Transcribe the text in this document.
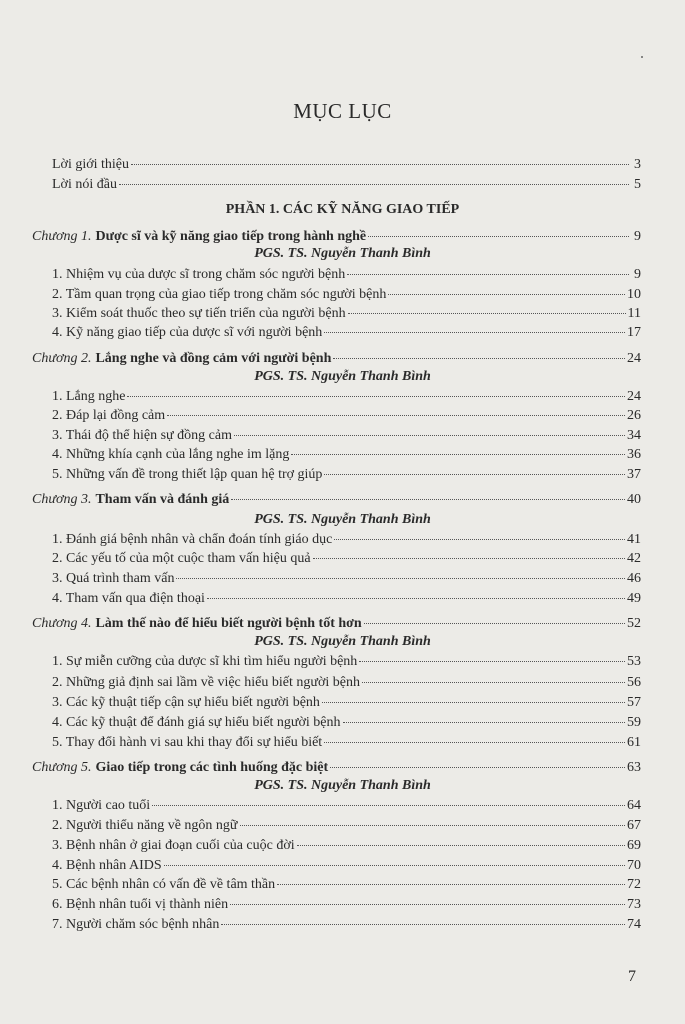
MỤC LỤC
Lời giới thiệu	3
Lời nói đầu	5
PHẦN 1. CÁC KỸ NĂNG GIAO TIẾP
Chương 1. Dược sĩ và kỹ năng giao tiếp trong hành nghề	9
PGS. TS. Nguyễn Thanh Bình
1. Nhiệm vụ của dược sĩ trong chăm sóc người bệnh	9
2. Tầm quan trọng của giao tiếp trong chăm sóc người bệnh	10
3. Kiểm soát thuốc theo sự tiến triển của người bệnh	11
4. Kỹ năng giao tiếp của dược sĩ với người bệnh	17
Chương 2. Lắng nghe và đồng cảm với người bệnh	24
PGS. TS. Nguyễn Thanh Bình
1. Lắng nghe	24
2. Đáp lại đồng cảm	26
3. Thái độ thể hiện sự đồng cảm	34
4. Những khía cạnh của lắng nghe im lặng	36
5. Những vấn đề trong thiết lập quan hệ trợ giúp	37
Chương 3. Tham vấn và đánh giá	40
PGS. TS. Nguyễn Thanh Bình
1. Đánh giá bệnh nhân và chẩn đoán tính giáo dục	41
2. Các yếu tố của một cuộc tham vấn hiệu quả	42
3. Quá trình tham vấn	46
4. Tham vấn qua điện thoại	49
Chương 4. Làm thế nào để hiểu biết người bệnh tốt hơn	52
PGS. TS. Nguyễn Thanh Bình
1. Sự miễn cưỡng của dược sĩ khi tìm hiểu người bệnh	53
2. Những giả định sai lầm về việc hiểu biết người bệnh	56
3. Các kỹ thuật tiếp cận sự hiểu biết người bệnh	57
4. Các kỹ thuật để đánh giá sự hiểu biết người bệnh	59
5. Thay đổi hành vi sau khi thay đổi sự hiểu biết	61
Chương 5. Giao tiếp trong các tình huống đặc biệt	63
PGS. TS. Nguyễn Thanh Bình
1. Người cao tuổi	64
2. Người thiểu năng về ngôn ngữ	67
3. Bệnh nhân ở giai đoạn cuối của cuộc đời	69
4. Bệnh nhân AIDS	70
5. Các bệnh nhân có vấn đề về tâm thần	72
6. Bệnh nhân tuổi vị thành niên	73
7. Người chăm sóc bệnh nhân	74
7
